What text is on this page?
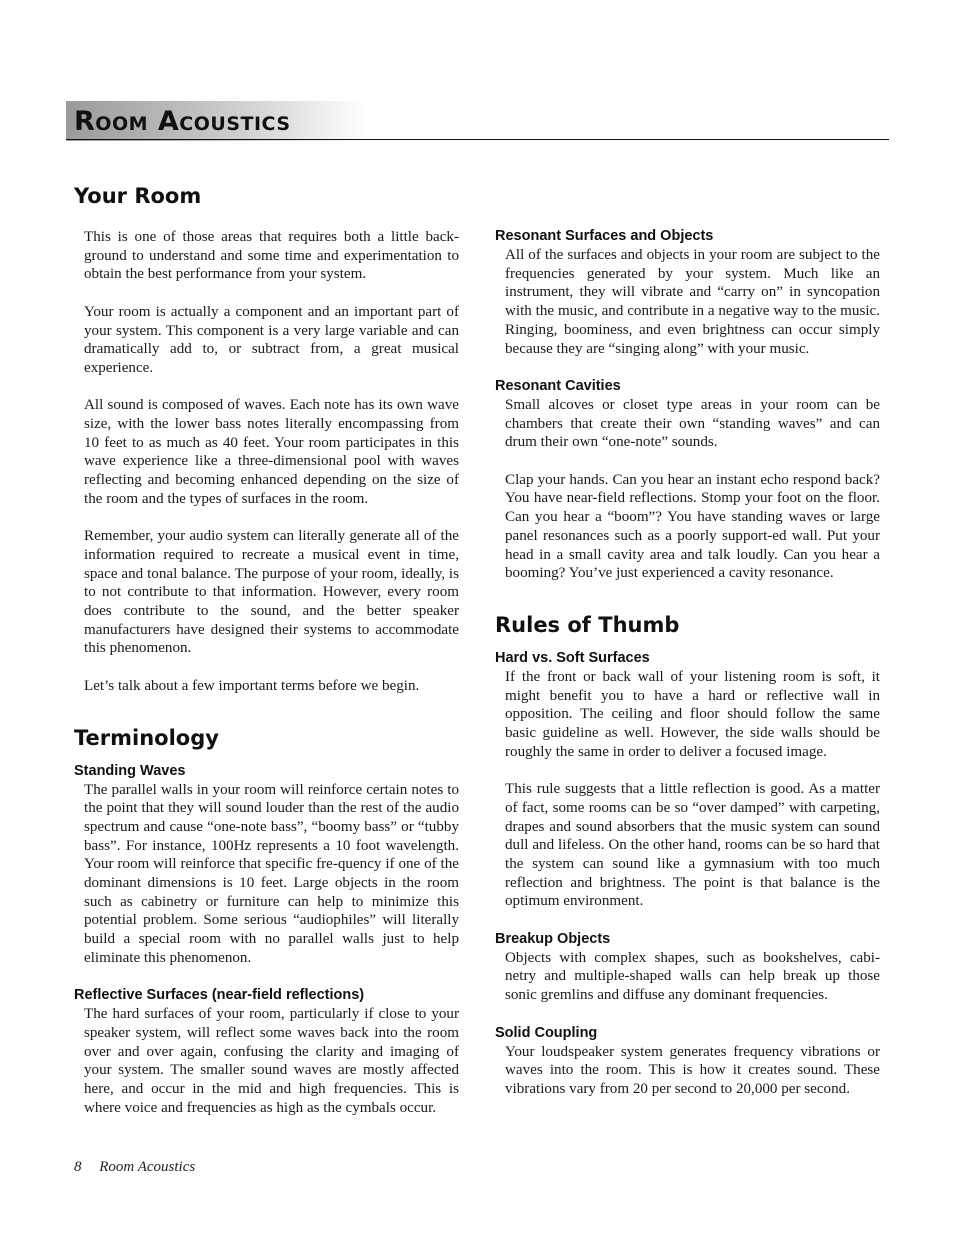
Room Acoustics
Your Room

This is one of those areas that requires both a little back-ground to understand and some time and experimentation to obtain the best performance from your system.

Your room is actually a component and an important part of your system. This component is a very large variable and can dramatically add to, or subtract from, a great musical experience.

All sound is composed of waves. Each note has its own wave size, with the lower bass notes literally encompassing from 10 feet to as much as 40 feet. Your room participates in this wave experience like a three-dimensional pool with waves reflecting and becoming enhanced depending on the size of the room and the types of surfaces in the room.

Remember, your audio system can literally generate all of the information required to recreate a musical event in time, space and tonal balance. The purpose of your room, ideally, is to not contribute to that information. However, every room does contribute to the sound, and the better speaker manufacturers have designed their systems to accommodate this phenomenon.

Let’s talk about a few important terms before we begin.

Terminology
Standing Waves

The parallel walls in your room will reinforce certain notes to the point that they will sound louder than the rest of the audio spectrum and cause “one-note bass”, “boomy bass” or “tubby bass”. For instance, 100Hz represents a 10 foot wavelength. Your room will reinforce that specific fre-quency if one of the dominant dimensions is 10 feet. Large objects in the room such as cabinetry or furniture can help to minimize this potential problem. Some serious “audiophiles” will literally build a special room with no parallel walls just to help eliminate this phenomenon.

Reflective Surfaces (near-field reflections)

The hard surfaces of your room, particularly if close to your speaker system, will reflect some waves back into the room over and over again, confusing the clarity and imaging of your system. The smaller sound waves are mostly affected here, and occur in the mid and high frequencies. This is where voice and frequencies as high as the cymbals occur.

Resonant Surfaces and Objects

All of the surfaces and objects in your room are subject to the frequencies generated by your system. Much like an instrument, they will vibrate and “carry on” in syncopation with the music, and contribute in a negative way to the music. Ringing, boominess, and even brightness can occur simply because they are “singing along” with your music.

Resonant Cavities

Small alcoves or closet type areas in your room can be chambers that create their own “standing waves” and can drum their own “one-note” sounds.

Clap your hands. Can you hear an instant echo respond back? You have near-field reflections. Stomp your foot on the floor. Can you hear a “boom”? You have standing waves or large panel resonances such as a poorly support-ed wall. Put your head in a small cavity area and talk loudly. Can you hear a booming? You’ve just experienced a cavity resonance.

Rules of Thumb
Hard vs. Soft Surfaces

If the front or back wall of your listening room is soft, it might benefit you to have a hard or reflective wall in opposition. The ceiling and floor should follow the same basic guideline as well. However, the side walls should be roughly the same in order to deliver a focused image.

This rule suggests that a little reflection is good. As a matter of fact, some rooms can be so “over damped” with carpeting, drapes and sound absorbers that the music system can sound dull and lifeless. On the other hand, rooms can be so hard that the system can sound like a gymnasium with too much reflection and brightness. The point is that balance is the optimum environment.

Breakup Objects

Objects with complex shapes, such as bookshelves, cabi-netry and multiple-shaped walls can help break up those sonic gremlins and diffuse any dominant frequencies.

Solid Coupling

Your loudspeaker system generates frequency vibrations or waves into the room. This is how it creates sound. These vibrations vary from 20 per second to 20,000 per second.

8 Room Acoustics
